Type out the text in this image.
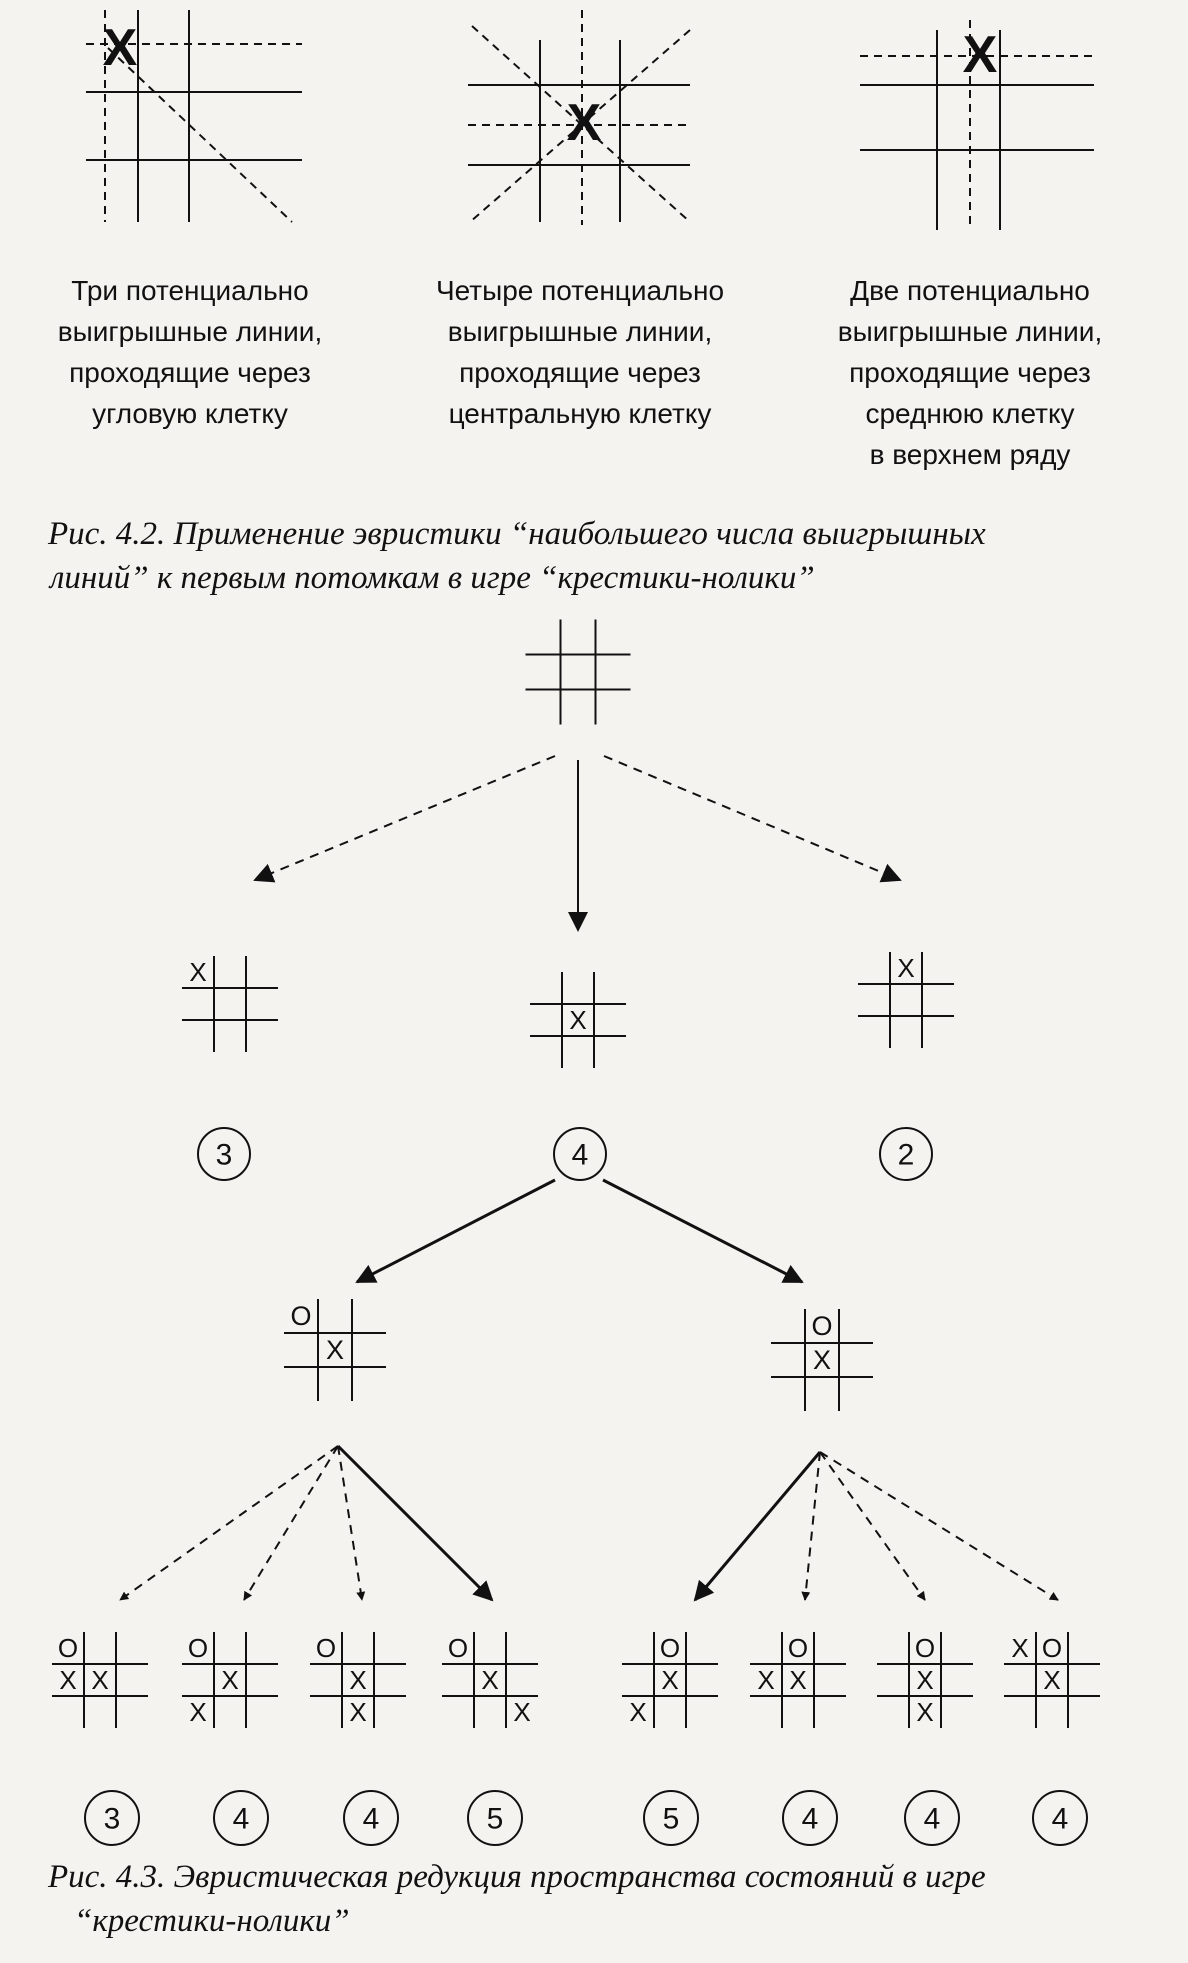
X
X
X
X
X
X
3	4	2
O
X
O
X
O
X X
O
X
X
O
X
X
O
X
X
O
X
X
O
X X
O
X
X
X O
X
3	4	4	5	5	4	4	4
Три потенциально
выигрышные линии,
проходящие через
угловую клетку
Четыре потенциально
выигрышные линии,
проходящие через
центральную клетку
Две потенциально
выигрышные линии,
проходящие через
среднюю клетку
в верхнем ряду
Рис. 4.2. Применение эвристики “наибольшего числа выигрышных
линий” к первым потомкам в игре “крестики-нолики”
Рис. 4.3. Эвристическая редукция пространства состояний в игре
“крестики-нолики”
